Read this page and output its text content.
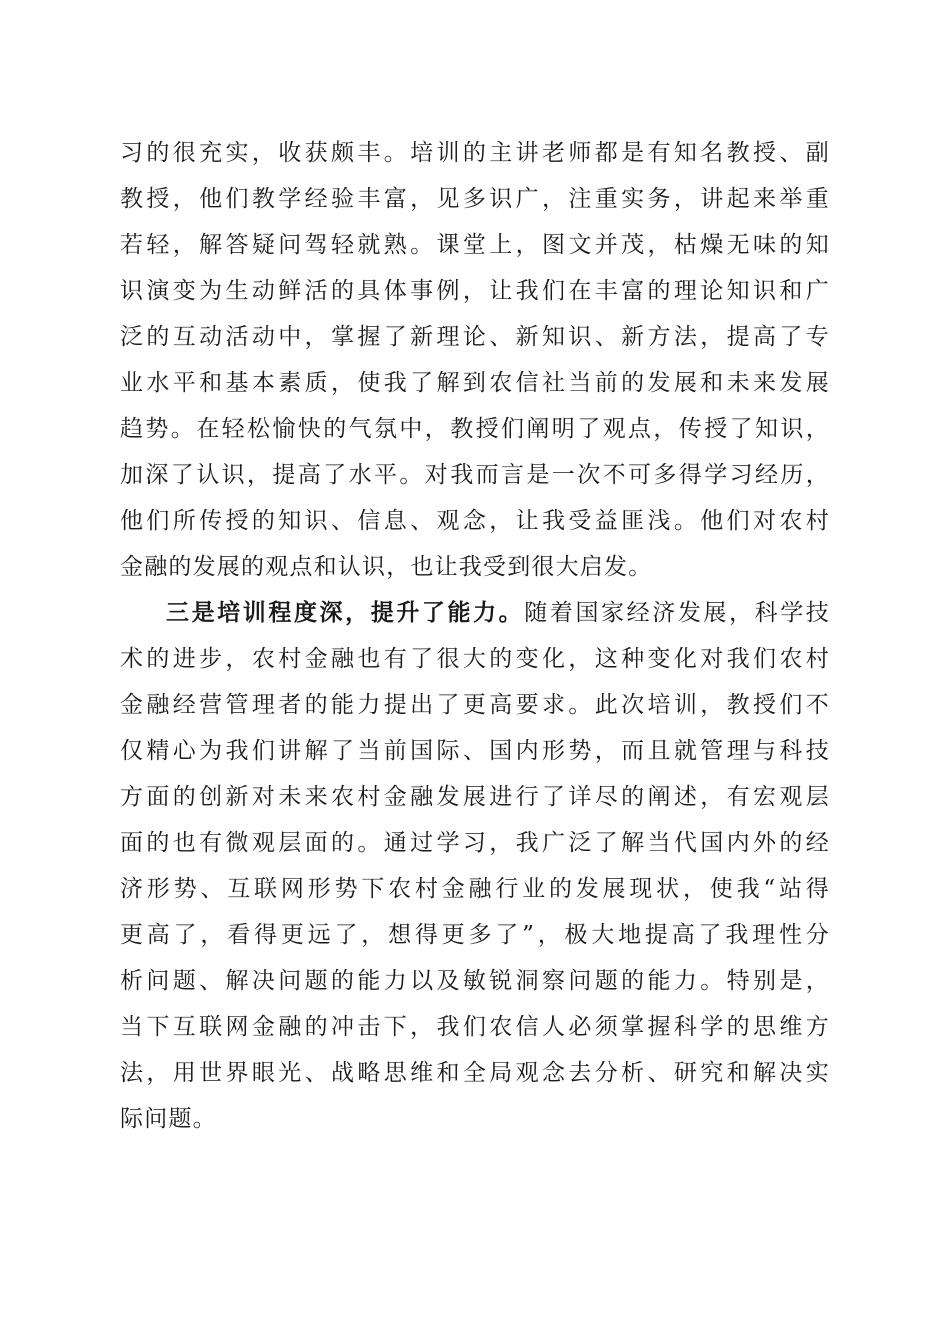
习的很充实，收获颇丰。培训的主讲老师都是有知名教授、副
教授，他们教学经验丰富，见多识广，注重实务，讲起来举重
若轻，解答疑问驾轻就熟。课堂上，图文并茂，枯燥无味的知
识演变为生动鲜活的具体事例，让我们在丰富的理论知识和广
泛的互动活动中，掌握了新理论、新知识、新方法，提高了专
业水平和基本素质，使我了解到农信社当前的发展和未来发展
趋势。在轻松愉快的气氛中，教授们阐明了观点，传授了知识，
加深了认识，提高了水平。对我而言是一次不可多得学习经历，
他们所传授的知识、信息、观念，让我受益匪浅。他们对农村
金融的发展的观点和认识，也让我受到很大启发。
三是培训程度深，提升了能力。随着国家经济发展，科学技
术的进步，农村金融也有了很大的变化，这种变化对我们农村
金融经营管理者的能力提出了更高要求。此次培训，教授们不
仅精心为我们讲解了当前国际、国内形势，而且就管理与科技
方面的创新对未来农村金融发展进行了详尽的阐述，有宏观层
面的也有微观层面的。通过学习，我广泛了解当代国内外的经
济形势、互联网形势下农村金融行业的发展现状，使我“站得
更高了，看得更远了，想得更多了”，极大地提高了我理性分
析问题、解决问题的能力以及敏锐洞察问题的能力。特别是，
当下互联网金融的冲击下，我们农信人必须掌握科学的思维方
法，用世界眼光、战略思维和全局观念去分析、研究和解决实
际问题。
